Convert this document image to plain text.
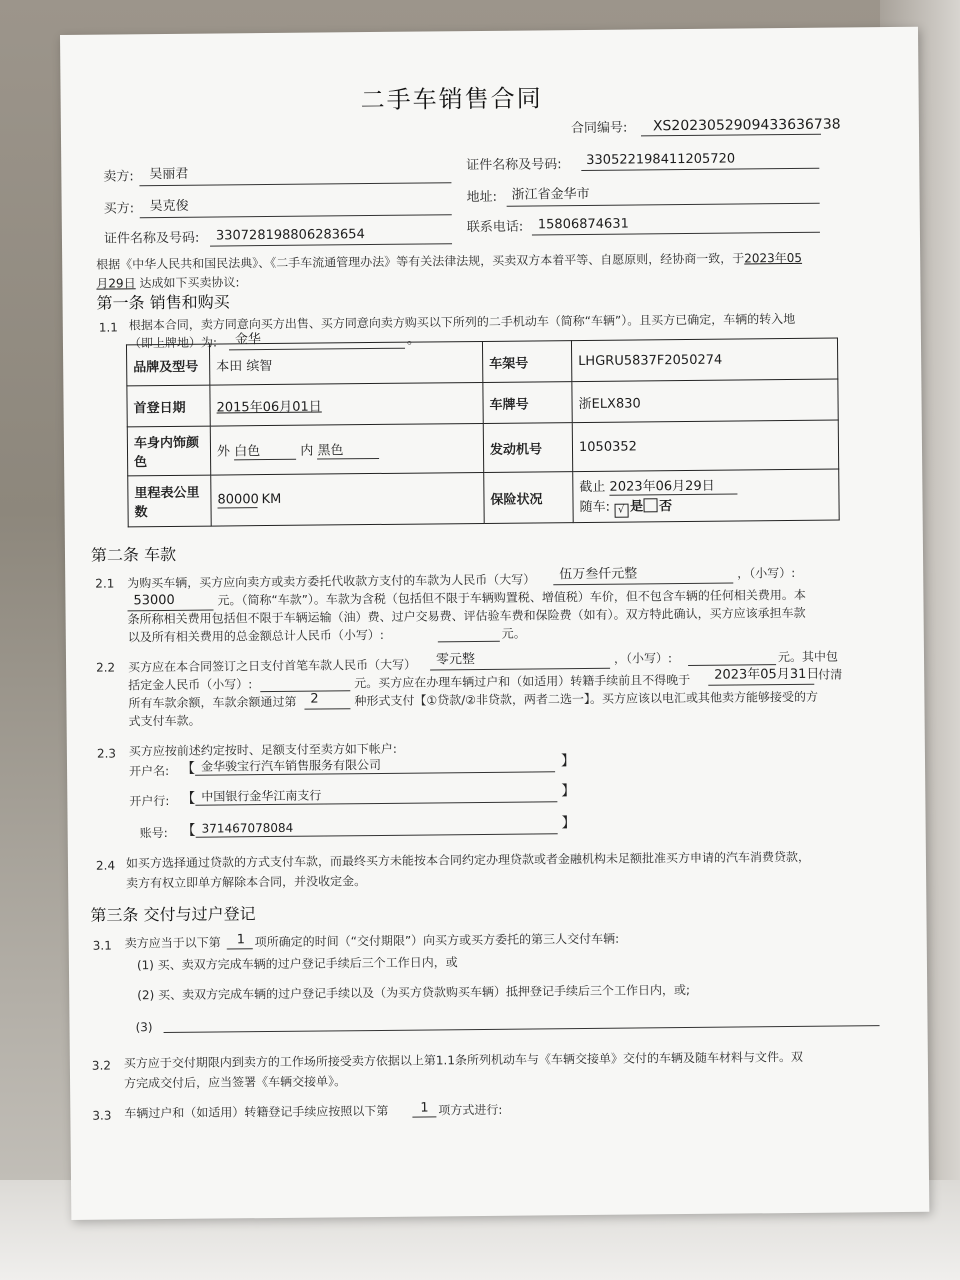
二手车销售合同
合同编号: XS2023052909433636738
卖方: 吴丽君
证件名称及号码: 330522198411205720
买方: 吴克俊
地址: 浙江省金华市
证件名称及号码: 330728198806283654	联系电话: 15806874631
根据《中华人民共和国民法典》、《二手车流通管理办法》等有关法律法规，买卖双方本着平等、自愿原则，经协商一致，于2023年05
月29日 达成如下买卖协议:
第一条 销售和购买
1.1 根据本合同，卖方同意向买方出售、买方同意向卖方购买以下所列的二手机动车（简称“车辆”）。且买方已确定，车辆的转入地
（即上牌地）为: 金华	。
品牌及型号	本田 缤智	车架号	LHGRU5837F2050274
首登日期	2015年06月01日	车牌号	浙ELX830
车身内饰颜色	外 白色 内 黑色	发动机号	1050352
里程表公里数	80000 KM	保险状况	截止 2023年06月29日
随车: √ 是 否
第二条 车款
2.1 为购买车辆，买方应向卖方或卖方委托代收款方支付的车款为人民币（大写） 伍万叁仟元整	，（小写）:
53000	元。（简称“车款”）。车款为含税（包括但不限于车辆购置税、增值税）车价，但不包含车辆的任何相关费用。本
条所称相关费用包括但不限于车辆运输（油）费、过户交易费、评估验车费和保险费（如有）。双方特此确认，买方应该承担车款
以及所有相关费用的总金额总计人民币（小写）:	元。
2.2 买方应在本合同签订之日支付首笔车款人民币（大写） 零元整	，（小写）:	元。其中包
括定金人民币（小写）:	元。买方应在办理车辆过户和（如适用）转籍手续前且不得晚于 2023年05月31日
付清
所有车款余额，车款余额通过第 2	种形式支付【①贷款/②非贷款，两者二选一】。买方应该以电汇或其他卖方能够接受的方
式支付车款。
2.3 买方应按前述约定按时、足额支付至卖方如下帐户:
开户名: 【 金华骏宝行汽车销售服务有限公司	】
开户行: 【 中国银行金华江南支行	】
账号: 【 371467078084	】
2.4 如买方选择通过贷款的方式支付车款，而最终买方未能按本合同约定办理贷款或者金融机构未足额批准买方申请的汽车消费贷款，
卖方有权立即单方解除本合同，并没收定金。
第三条 交付与过户登记
3.1 卖方应当于以下第 1 项所确定的时间（“交付期限”）向买方或买方委托的第三人交付车辆:
(1) 买、卖双方完成车辆的过户登记手续后三个工作日内，或
(2) 买、卖双方完成车辆的过户登记手续以及（为买方贷款购买车辆）抵押登记手续后三个工作日内，或;
(3)
3.2 买方应于交付期限内到卖方的工作场所接受卖方依据以上第1.1条所列机动车与《车辆交接单》交付的车辆及随车材料与文件。双
方完成交付后，应当签署《车辆交接单》。
3.3 车辆过户和（如适用）转籍登记手续应按照以下第 1 项方式进行:
